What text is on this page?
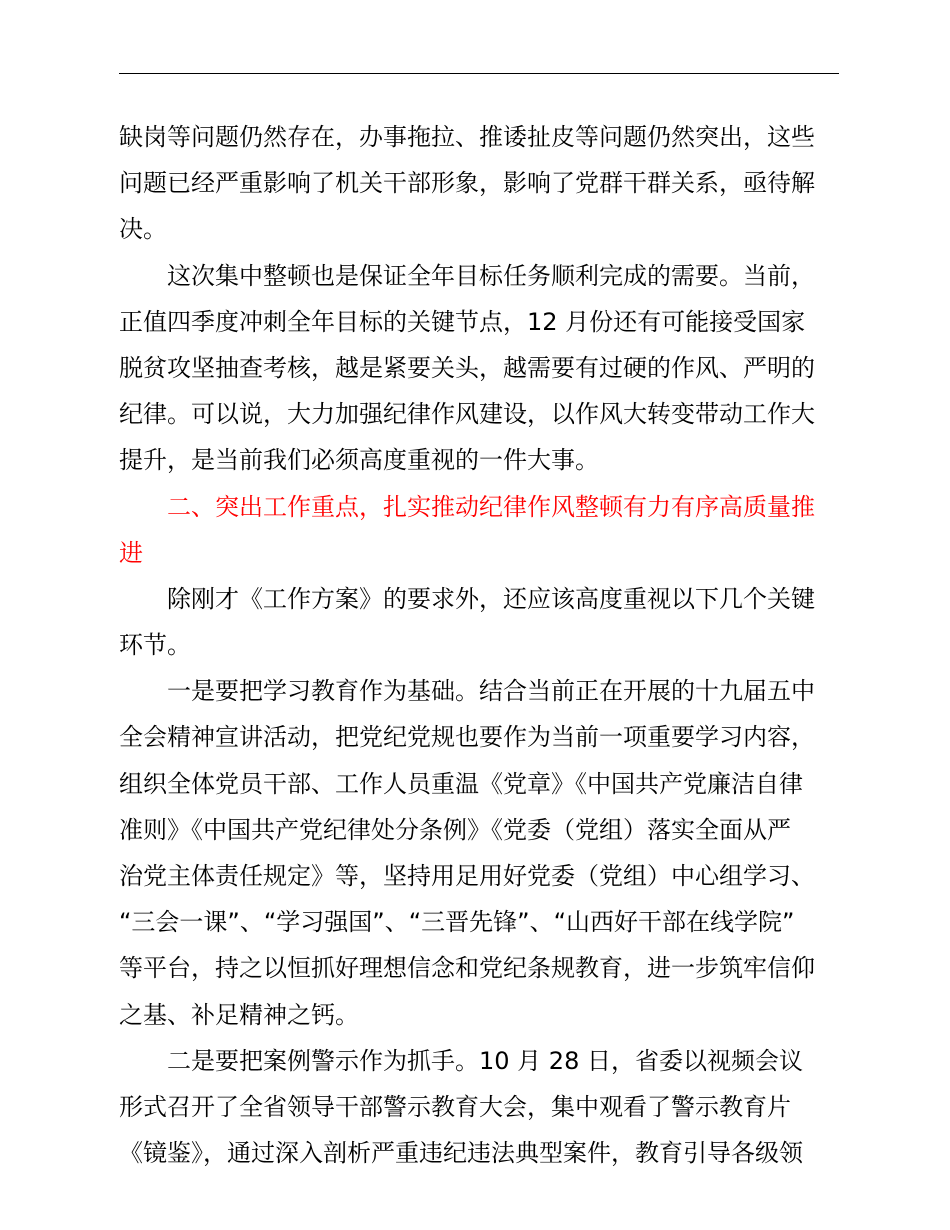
缺岗等问题仍然存在，办事拖拉、推诿扯皮等问题仍然突出，这些
问题已经严重影响了机关干部形象，影响了党群干群关系，亟待解
决。
这次集中整顿也是保证全年目标任务顺利完成的需要。当前，
正值四季度冲刺全年目标的关键节点，12 月份还有可能接受国家
脱贫攻坚抽查考核，越是紧要关头，越需要有过硬的作风、严明的
纪律。可以说，大力加强纪律作风建设，以作风大转变带动工作大
提升，是当前我们必须高度重视的一件大事。
二、突出工作重点，扎实推动纪律作风整顿有力有序高质量推
进
除刚才《工作方案》的要求外，还应该高度重视以下几个关键
环节。
一是要把学习教育作为基础。结合当前正在开展的十九届五中
全会精神宣讲活动，把党纪党规也要作为当前一项重要学习内容，
组织全体党员干部、工作人员重温《党章》《中国共产党廉洁自律
准则》《中国共产党纪律处分条例》《党委（党组）落实全面从严
治党主体责任规定》等，坚持用足用好党委（党组）中心组学习、
“三会一课”、“学习强国”、“三晋先锋”、“山西好干部在线学院”
等平台，持之以恒抓好理想信念和党纪条规教育，进一步筑牢信仰
之基、补足精神之钙。
二是要把案例警示作为抓手。10 月 28 日，省委以视频会议
形式召开了全省领导干部警示教育大会，集中观看了警示教育片
《镜鉴》，通过深入剖析严重违纪违法典型案件，教育引导各级领
